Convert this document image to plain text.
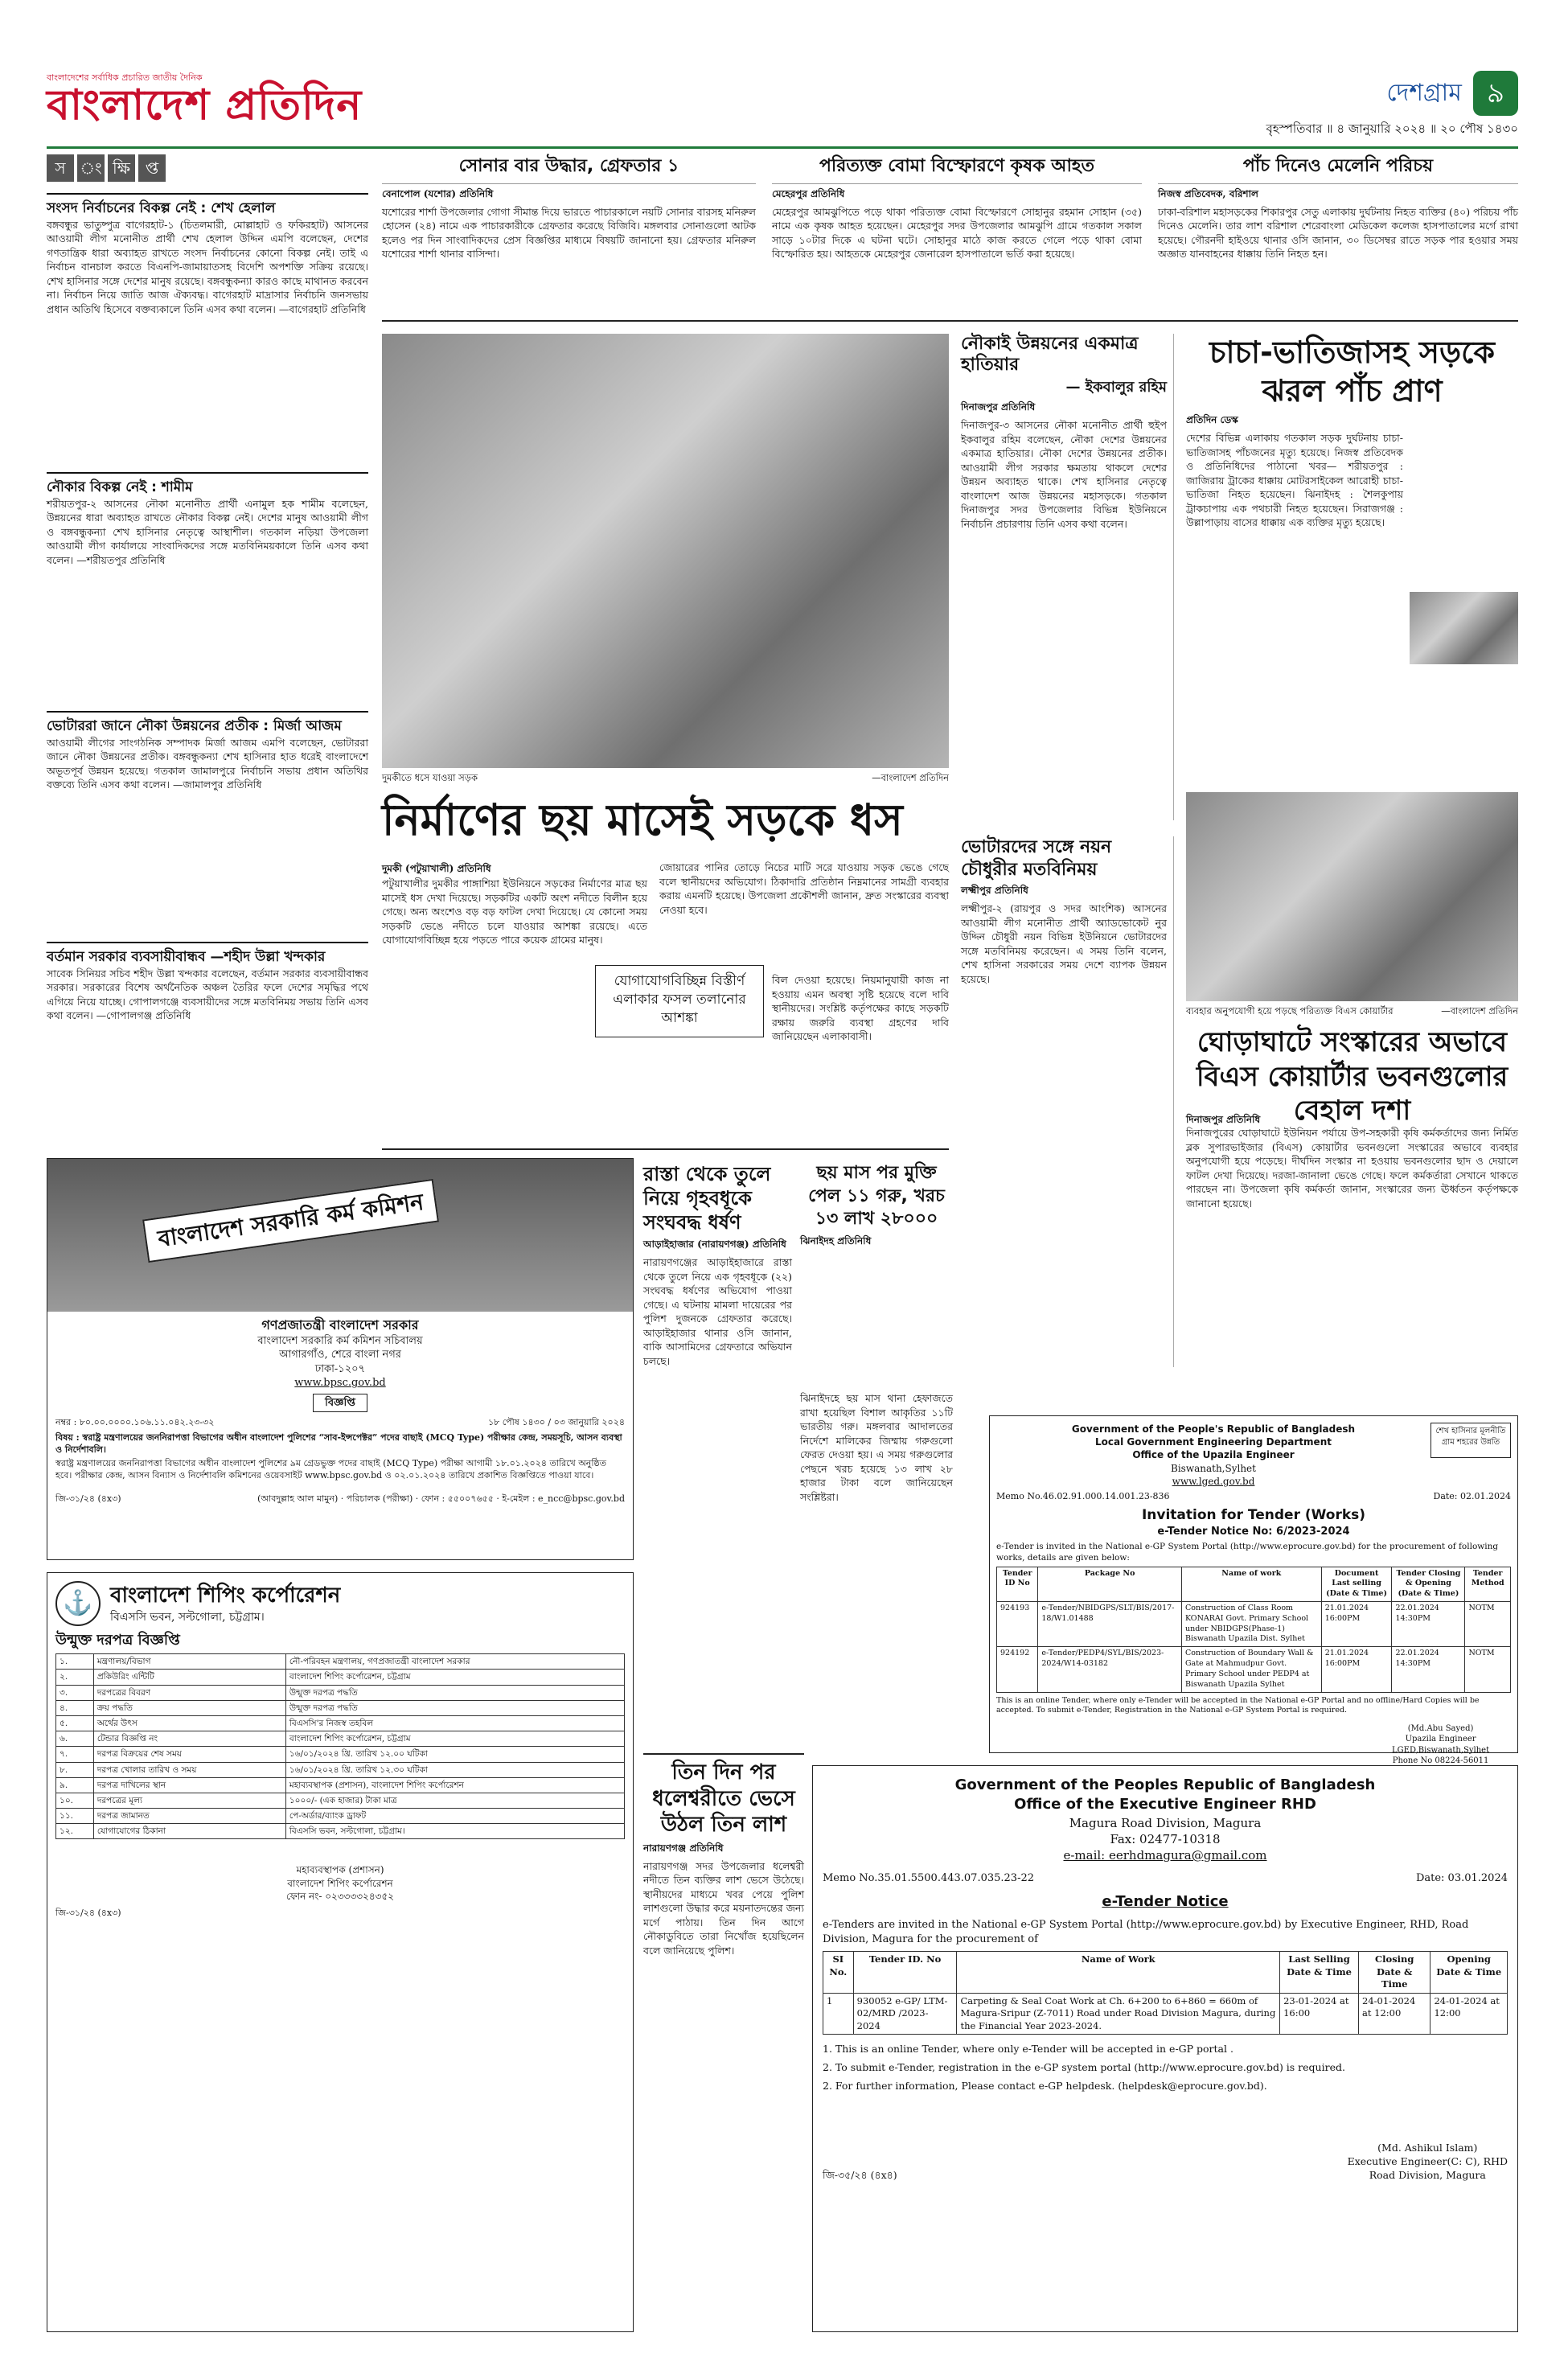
বাংলাদেশের সর্বাধিক প্রচারিত জাতীয় দৈনিক
বাংলাদেশ প্রতিদিন	দেশগ্রাম ৯
বৃহস্পতিবার ॥ ৪ জানুয়ারি ২০২৪ ॥ ২০ পৌষ ১৪৩০
স ং ক্ষি প্ত
সংসদ নির্বাচনের বিকল্প নেই : শেখ হেলাল
বঙ্গবন্ধুর ভাতুষ্পুত্র বাগেরহাট-১ (চিতলমারী, মোল্লাহাট ও ফকিরহাট) আসনের আওয়ামী লীগ মনোনীত প্রার্থী শেখ হেলাল উদ্দিন এমপি বলেছেন, দেশের গণতান্ত্রিক ধারা অব্যাহত রাখতে সংসদ নির্বাচনের কোনো বিকল্প নেই। তাই এ নির্বাচন বানচাল করতে বিএনপি-জামায়াতসহ বিদেশি অপশক্তি সক্রিয় রয়েছে। শেখ হাসিনার সঙ্গে দেশের মানুষ রয়েছে। বঙ্গবন্ধুকন্যা কারও কাছে মাথানত করবেন না। নির্বাচন নিয়ে জাতি আজ ঐক্যবদ্ধ। বাগেরহাট মাদ্রাসার নির্বাচনি জনসভায় প্রধান অতিথি হিসেবে বক্তব্যকালে তিনি এসব কথা বলেন। —বাগেরহাট প্রতিনিধি
নৌকার বিকল্প নেই : শামীম
শরীয়তপুর-২ আসনের নৌকা মনোনীত প্রার্থী এনামুল হক শামীম বলেছেন, উন্নয়নের ধারা অব্যাহত রাখতে নৌকার বিকল্প নেই। দেশের মানুষ আওয়ামী লীগ ও বঙ্গবন্ধুকন্যা শেখ হাসিনার নেতৃত্বে আস্থাশীল। গতকাল নড়িয়া উপজেলা আওয়ামী লীগ কার্যালয়ে সাংবাদিকদের সঙ্গে মতবিনিময়কালে তিনি এসব কথা বলেন। —শরীয়তপুর প্রতিনিধি
ভোটাররা জানে নৌকা উন্নয়নের প্রতীক : মির্জা আজম
আওয়ামী লীগের সাংগঠনিক সম্পাদক মির্জা আজম এমপি বলেছেন, ভোটাররা জানে নৌকা উন্নয়নের প্রতীক। বঙ্গবন্ধুকন্যা শেখ হাসিনার হাত ধরেই বাংলাদেশে অভূতপূর্ব উন্নয়ন হয়েছে। গতকাল জামালপুরে নির্বাচনি সভায় প্রধান অতিথির বক্তব্যে তিনি এসব কথা বলেন। —জামালপুর প্রতিনিধি
বর্তমান সরকার ব্যবসায়ীবান্ধব —শহীদ উল্লা খন্দকার
সাবেক সিনিয়র সচিব শহীদ উল্লা খন্দকার বলেছেন, বর্তমান সরকার ব্যবসায়ীবান্ধব সরকার। সরকারের বিশেষ অর্থনৈতিক অঞ্চল তৈরির ফলে দেশের সমৃদ্ধির পথে এগিয়ে নিয়ে যাচ্ছে। গোপালগঞ্জে ব্যবসায়ীদের সঙ্গে মতবিনিময় সভায় তিনি এসব কথা বলেন। —গোপালগঞ্জ প্রতিনিধি
সোনার বার উদ্ধার, গ্রেফতার ১
বেনাপোল (যশোর) প্রতিনিধি
যশোরের শার্শা উপজেলার গোগা সীমান্ত দিয়ে ভারতে পাচারকালে নয়টি সোনার বারসহ মনিরুল হোসেন (২৪) নামে এক পাচারকারীকে গ্রেফতার করেছে বিজিবি। মঙ্গলবার সোনাগুলো আটক হলেও পর দিন সাংবাদিকদের প্রেস বিজ্ঞপ্তির মাধ্যমে বিষয়টি জানানো হয়। গ্রেফতার মনিরুল যশোরের শার্শা থানার বাসিন্দা।
পরিত্যক্ত বোমা বিস্ফোরণে কৃষক আহত
মেহেরপুর প্রতিনিধি
মেহেরপুর আমঝুপিতে পড়ে থাকা পরিত্যক্ত বোমা বিস্ফোরণে সোহানুর রহমান সোহান (৩৫) নামে এক কৃষক আহত হয়েছেন। মেহেরপুর সদর উপজেলার আমঝুপি গ্রামে গতকাল সকাল সাড়ে ১০টার দিকে এ ঘটনা ঘটে। সোহানুর মাঠে কাজ করতে গেলে পড়ে থাকা বোমা বিস্ফোরিত হয়। আহতকে মেহেরপুর জেনারেল হাসপাতালে ভর্তি করা হয়েছে।
পাঁচ দিনেও মেলেনি পরিচয়
নিজস্ব প্রতিবেদক, বরিশাল
ঢাকা-বরিশাল মহাসড়কের শিকারপুর সেতু এলাকায় দুর্ঘটনায় নিহত ব্যক্তির (৪০) পরিচয় পাঁচ দিনেও মেলেনি। তার লাশ বরিশাল শেরেবাংলা মেডিকেল কলেজ হাসপাতালের মর্গে রাখা হয়েছে। গৌরনদী হাইওয়ে থানার ওসি জানান, ৩০ ডিসেম্বর রাতে সড়ক পার হওয়ার সময় অজ্ঞাত যানবাহনের ধাক্কায় তিনি নিহত হন।
দুমকীতে ধসে যাওয়া সড়ক	—বাংলাদেশ প্রতিদিন
নির্মাণের ছয় মাসেই সড়কে ধস
দুমকী (পটুয়াখালী) প্রতিনিধি
পটুয়াখালীর দুমকীর পাঙ্গাশিয়া ইউনিয়নে সড়কের নির্মাণের মাত্র ছয় মাসেই ধস দেখা দিয়েছে। সড়কটির একটি অংশ নদীতে বিলীন হয়ে গেছে। অন্য অংশেও বড় বড় ফাটল দেখা দিয়েছে। যে কোনো সময় সড়কটি ভেঙে নদীতে চলে যাওয়ার আশঙ্কা রয়েছে। এতে যোগাযোগবিচ্ছিন্ন হয়ে পড়তে পারে কয়েক গ্রামের মানুষ।
জোয়ারের পানির তোড়ে নিচের মাটি সরে যাওয়ায় সড়ক ভেঙে গেছে বলে স্থানীয়দের অভিযোগ। ঠিকাদারি প্রতিষ্ঠান নিম্নমানের সামগ্রী ব্যবহার করায় এমনটি হয়েছে। উপজেলা প্রকৌশলী জানান, দ্রুত সংস্কারের ব্যবস্থা নেওয়া হবে।
যোগাযোগবিচ্ছিন্ন বিস্তীর্ণ এলাকার ফসল তলানোর আশঙ্কা
বিল দেওয়া হয়েছে। নিয়মানুযায়ী কাজ না হওয়ায় এমন অবস্থা সৃষ্টি হয়েছে বলে দাবি স্থানীয়দের। সংশ্লিষ্ট কর্তৃপক্ষের কাছে সড়কটি রক্ষায় জরুরি ব্যবস্থা গ্রহণের দাবি জানিয়েছেন এলাকাবাসী।
নৌকাই উন্নয়নের একমাত্র হাতিয়ার
— ইকবালুর রহিম
দিনাজপুর প্রতিনিধি
দিনাজপুর-৩ আসনের নৌকা মনোনীত প্রার্থী হুইপ ইকবালুর রহিম বলেছেন, নৌকা দেশের উন্নয়নের একমাত্র হাতিয়ার। নৌকা দেশের উন্নয়নের প্রতীক। আওয়ামী লীগ সরকার ক্ষমতায় থাকলে দেশের উন্নয়ন অব্যাহত থাকে। শেখ হাসিনার নেতৃত্বে বাংলাদেশ আজ উন্নয়নের মহাসড়কে। গতকাল দিনাজপুর সদর উপজেলার বিভিন্ন ইউনিয়নে নির্বাচনি প্রচারণায় তিনি এসব কথা বলেন।
চাচা-ভাতিজাসহ সড়কে ঝরল পাঁচ প্রাণ
প্রতিদিন ডেস্ক
দেশের বিভিন্ন এলাকায় গতকাল সড়ক দুর্ঘটনায় চাচা-ভাতিজাসহ পাঁচজনের মৃত্যু হয়েছে। নিজস্ব প্রতিবেদক ও প্রতিনিধিদের পাঠানো খবর— শরীয়তপুর : জাজিরায় ট্রাকের ধাক্কায় মোটরসাইকেল আরোহী চাচা-ভাতিজা নিহত হয়েছেন। ঝিনাইদহ : শৈলকুপায় ট্রাকচাপায় এক পথচারী নিহত হয়েছেন। সিরাজগঞ্জ : উল্লাপাড়ায় বাসের ধাক্কায় এক ব্যক্তির মৃত্যু হয়েছে।
ভোটারদের সঙ্গে নয়ন চৌধুরীর মতবিনিময়
লক্ষ্মীপুর প্রতিনিধি
লক্ষ্মীপুর-২ (রায়পুর ও সদর আংশিক) আসনের আওয়ামী লীগ মনোনীত প্রার্থী অ্যাডভোকেট নুর উদ্দিন চৌধুরী নয়ন বিভিন্ন ইউনিয়নে ভোটারদের সঙ্গে মতবিনিময় করেছেন। এ সময় তিনি বলেন, শেখ হাসিনা সরকারের সময় দেশে ব্যাপক উন্নয়ন হয়েছে।
ব্যবহার অনুপযোগী হয়ে পড়ছে পরিত্যক্ত বিএস কোয়ার্টার	—বাংলাদেশ প্রতিদিন
ঘোড়াঘাটে সংস্কারের অভাবে বিএস কোয়ার্টার ভবনগুলোর বেহাল দশা
দিনাজপুর প্রতিনিধি
দিনাজপুরের ঘোড়াঘাটে ইউনিয়ন পর্যায়ে উপ-সহকারী কৃষি কর্মকর্তাদের জন্য নির্মিত ব্লক সুপারভাইজার (বিএস) কোয়ার্টার ভবনগুলো সংস্কারের অভাবে ব্যবহার অনুপযোগী হয়ে পড়েছে। দীর্ঘদিন সংস্কার না হওয়ায় ভবনগুলোর ছাদ ও দেয়ালে ফাটল দেখা দিয়েছে। দরজা-জানালা ভেঙে গেছে। ফলে কর্মকর্তারা সেখানে থাকতে পারছেন না। উপজেলা কৃষি কর্মকর্তা জানান, সংস্কারের জন্য ঊর্ধ্বতন কর্তৃপক্ষকে জানানো হয়েছে।
রাস্তা থেকে তুলে নিয়ে গৃহবধূকে সংঘবদ্ধ ধর্ষণ
আড়াইহাজার (নারায়ণগঞ্জ) প্রতিনিধি
নারায়ণগঞ্জের আড়াইহাজারে রাস্তা থেকে তুলে নিয়ে এক গৃহবধূকে (২২) সংঘবদ্ধ ধর্ষণের অভিযোগ পাওয়া গেছে। এ ঘটনায় মামলা দায়েরের পর পুলিশ দুজনকে গ্রেফতার করেছে। আড়াইহাজার থানার ওসি জানান, বাকি আসামিদের গ্রেফতারে অভিযান চলছে।
ছয় মাস পর মুক্তি পেল ১১ গরু, খরচ ১৩ লাখ ২৮০০০
ঝিনাইদহ প্রতিনিধি
ঝিনাইদহে ছয় মাস থানা হেফাজতে রাখা হয়েছিল বিশাল আকৃতির ১১টি ভারতীয় গরু। মঙ্গলবার আদালতের নির্দেশে মালিকের জিম্মায় গরুগুলো ফেরত দেওয়া হয়। এ সময় গরুগুলোর পেছনে খরচ হয়েছে ১৩ লাখ ২৮ হাজার টাকা বলে জানিয়েছেন সংশ্লিষ্টরা।
তিন দিন পর ধলেশ্বরীতে ভেসে উঠল তিন লাশ
নারায়ণগঞ্জ প্রতিনিধি
নারায়ণগঞ্জ সদর উপজেলার ধলেশ্বরী নদীতে তিন ব্যক্তির লাশ ভেসে উঠেছে। স্থানীয়দের মাধ্যমে খবর পেয়ে পুলিশ লাশগুলো উদ্ধার করে ময়নাতদন্তের জন্য মর্গে পাঠায়। তিন দিন আগে নৌকাডুবিতে তারা নিখোঁজ হয়েছিলেন বলে জানিয়েছে পুলিশ।
বাংলাদেশ সরকারি কর্ম কমিশন
গণপ্রজাতন্ত্রী বাংলাদেশ সরকার
বাংলাদেশ সরকারি কর্ম কমিশন সচিবালয়
আগারগাঁও, শেরে বাংলা নগর
ঢাকা-১২০৭
www.bpsc.gov.bd
বিজ্ঞপ্তি
নম্বর : ৮০.০০.০০০০.১০৬.১১.০৪২.২৩-৩২	১৮ পৌষ ১৪৩০ / ০৩ জানুয়ারি ২০২৪
বিষয় : স্বরাষ্ট্র মন্ত্রণালয়ের জননিরাপত্তা বিভাগের অধীন বাংলাদেশ পুলিশের “সাব-ইন্সপেক্টর” পদের বাছাই (MCQ Type) পরীক্ষার কেন্দ্র, সময়সূচি, আসন ব্যবস্থা ও নির্দেশাবলি।
স্বরাষ্ট্র মন্ত্রণালয়ের জননিরাপত্তা বিভাগের অধীন বাংলাদেশ পুলিশের ৯ম গ্রেডভুক্ত পদের বাছাই (MCQ Type) পরীক্ষা আগামী ১৮.০১.২০২৪ তারিখে অনুষ্ঠিত হবে। পরীক্ষার কেন্দ্র, আসন বিন্যাস ও নির্দেশাবলি কমিশনের ওয়েবসাইট www.bpsc.gov.bd ও ০২.০১.২০২৪ তারিখে প্রকাশিত বিজ্ঞপ্তিতে পাওয়া যাবে।
জি-৩১/২৪ (৪x৩)	(আবদুল্লাহ আল মামুন) · পরিচালক (পরীক্ষা) · ফোন : ৫৫০০৭৬৫৫ · ই-মেইল : e_ncc@bpsc.gov.bd
⚓ বাংলাদেশ শিপিং কর্পোরেশন
বিএসসি ভবন, সল্টগোলা, চট্টগ্রাম।
উন্মুক্ত দরপত্র বিজ্ঞপ্তি
১.	মন্ত্রণালয়/বিভাগ	নৌ-পরিবহন মন্ত্রণালয়, গণপ্রজাতন্ত্রী বাংলাদেশ সরকার
২.	প্রকিউরিং এন্টিটি	বাংলাদেশ শিপিং কর্পোরেশন, চট্টগ্রাম
৩.	দরপত্রের বিবরণ	উন্মুক্ত দরপত্র পদ্ধতি
৪.	ক্রয় পদ্ধতি	উন্মুক্ত দরপত্র পদ্ধতি
৫.	অর্থের উৎস	বিএসসি'র নিজস্ব তহবিল
৬.	টেন্ডার বিজ্ঞপ্তি নং	বাংলাদেশ শিপিং কর্পোরেশন, চট্টগ্রাম
৭.	দরপত্র বিক্রয়ের শেষ সময়	১৬/০১/২০২৪ খ্রি. তারিখ ১২.০০ ঘটিকা
৮.	দরপত্র খোলার তারিখ ও সময়	১৬/০১/২০২৪ খ্রি. তারিখ ১২.৩০ ঘটিকা
৯.	দরপত্র দাখিলের স্থান	মহাব্যবস্থাপক (প্রশাসন), বাংলাদেশ শিপিং কর্পোরেশন
১০.	দরপত্রের মূল্য	১০০০/- (এক হাজার) টাকা মাত্র
১১.	দরপত্র জামানত	পে-অর্ডার/ব্যাংক ড্রাফট
১২.	যোগাযোগের ঠিকানা	বিএসসি ভবন, সল্টগোলা, চট্টগ্রাম।
মহাব্যবস্থাপক (প্রশাসন)
বাংলাদেশ শিপিং কর্পোরেশন
ফোন নং- ০২৩৩৩৩২৪৩৫২
জি-৩১/২৪ (৪x৩)
Government of the People's Republic of Bangladesh
Local Government Engineering Department
Office of the Upazila Engineer
Biswanath,Sylhet
www.lged.gov.bd
শেখ হাসিনার মূলনীতি গ্রাম শহরের উন্নতি
Memo No.46.02.91.000.14.001.23-836	Date: 02.01.2024
Invitation for Tender (Works)
e-Tender Notice No: 6/2023-2024
e-Tender is invited in the National e-GP System Portal (http://www.eprocure.gov.bd) for the procurement of following works, details are given below:
Tender ID No	Package No	Name of work	Document Last selling (Date & Time)	Tender Closing & Opening (Date & Time)	Tender Method
924193	e-Tender/NBIDGPS/SLT/BIS/2017-18/W1.01488	Construction of Class Room KONARAI Govt. Primary School under NBIDGPS(Phase-1) Biswanath Upazila Dist. Sylhet	21.01.2024 16:00PM	22.01.2024 14:30PM	NOTM
924192	e-Tender/PEDP4/SYL/BIS/2023-2024/W14-03182	Construction of Boundary Wall & Gate at Mahmudpur Govt. Primary School under PEDP4 at Biswanath Upazila Sylhet	21.01.2024 16:00PM	22.01.2024 14:30PM	NOTM
This is an online Tender, where only e-Tender will be accepted in the National e-GP Portal and no offline/Hard Copies will be accepted. To submit e-Tender, Registration in the National e-GP System Portal is required.
(Md.Abu Sayed)
Upazila Engineer
LGED,Biswanath,Sylhet
Phone No 08224-56011
Government of the Peoples Republic of Bangladesh
Office of the Executive Engineer RHD
Magura Road Division, Magura
Fax: 02477-10318
e-mail: eerhdmagura@gmail.com
Memo No.35.01.5500.443.07.035.23-22	Date: 03.01.2024
e-Tender Notice
e-Tenders are invited in the National e-GP System Portal (http://www.eprocure.gov.bd) by Executive Engineer, RHD, Road Division, Magura for the procurement of
SI No.	Tender ID. No	Name of Work	Last Selling Date & Time	Closing Date & Time	Opening Date & Time
1	930052 e-GP/ LTM- 02/MRD /2023- 2024	Carpeting & Seal Coat Work at Ch. 6+200 to 6+860 = 660m of Magura-Sripur (Z-7011) Road under Road Division Magura, during the Financial Year 2023-2024.	23-01-2024 at 16:00	24-01-2024 at 12:00	24-01-2024 at 12:00
1. This is an online Tender, where only e-Tender will be accepted in e-GP portal .
2. To submit e-Tender, registration in the e-GP system portal (http://www.eprocure.gov.bd) is required.
2. For further information, Please contact e-GP helpdesk. (helpdesk@eprocure.gov.bd).
জি-৩৫/২৪ (৪x৪)
(Md. Ashikul Islam)
Executive Engineer(C: C), RHD
Road Division, Magura
